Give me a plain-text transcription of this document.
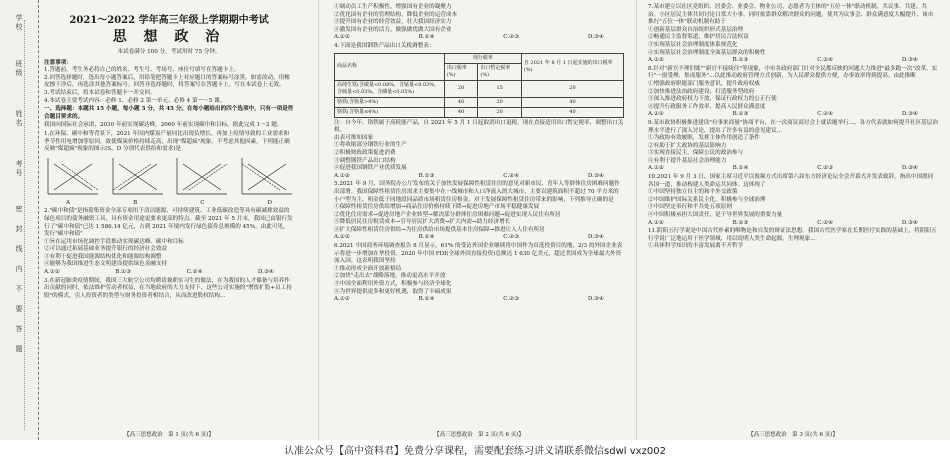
学校
班级
姓名
考号
密
封
线
内
不
要
答
题
2021～2022 学年高三年级上学期期中考试
思 想 政 治
本试卷满分 100 分，考试用时 75 分钟。

注意事项：

1.答题前，考生务必将自己的姓名、考生号、考场号、座位号填写在答题卡上。

2.回答选择题时，选出每小题答案后，用铅笔把答题卡上对应题目的答案标号涂黑。如需改动，用橡皮擦干净后，再选涂其他答案标号。回答非选择题时，将答案写在答题卡上。写在本试卷上无效。

3.考试结束后，将本试卷和答题卡一并交回。

4.本试卷主要考试内容：必修 1、必修 2 第一单元、必修 4 第一～5 课。

一、选择题：本题共 15 小题，每小题 3 分，共 45 分。在每小题给出的四个选项中，只有一项是符合题目要求的。

我国向国际社会承诺，2030 年前实现碳达峰，2060 年前实现碳中和目标。据此完成 1～2 题。

1.在环保、碳中和等背景下，2021 年国内煤炭产量同比出现负增长，再加上疫情导致的工业需求和季节性用电增加等原因，致使煤炭价格持续走高，出现"煤超疯"现象。不考虑其他因素，下列能正确反映"煤超疯"现象的图示(S、D 分别代表供给和需求)是

A	B	C	D

2."碳中和债"是指募集资金全部专项用于清洁能源、可持续建筑、工业低碳改造等具有碳减排效益的绿色项目的债务融资工具，具有资金用途更要求更高的特点。截至 2021 年 5 月末，我国已由银行发行了"碳中和债"已达 1 586.14 亿元，占到 2021 年境内发行绿色债券总规模的 45%。由此可见，发行"碳中和债"

①旨在运用市场化调控手段推动实现碳达峰、碳中和目标

②可以通过拓展基础业务提升银行的经济社会效益

③有利于促进我国能源结构优化和能源结构调整

④能够为我国推进生态文明建设提供绿色金融支持

A.①②	B.①③	C.②④	D.③④

3.在新冠肺炎疫情期间，我国三大航空公司均聘请兼职实习生的做法，在为我国的人才储备与培养作出贡献的同时，依法维护劳动者权益，在当地政府的大力支持下，这些公司实施的"增资扩股+员工持股"的模式，引人投资者的类型与财务投资者相结合，从而改进股权结构...

①调动员工生产积极性，增强国有企业的凝聚力

②优化国有企业的管理结构，降低企业的运营成本

③提升国有企业的经营效益，壮大我国经济实力

④激发国有企业的活力，做强做优做大国有企业

A.①②	B.①④	C.②③	D.③④

4.下面是我国钢铁产品出口关税调整表：

商品名称	现行税率		自 2021 年 8 月 1 日起实施的出口税率(%)
	出口税率(%)	出口暂定税率(%)	
高纯生铁(含碳量<0.08%，含锰量<0.03%，含硫量<0.03%，含磷量<0.05%)	20	15	20
铬铁(含铬量>4%)	40	20	40
铬铁(含铬量≤4%)	40	20	40

注：自今年，铬铁属于高耗能产品，自 2021 年 5 月 1 日起取消出口退税，现在直接适用出口暂定税率，调整出口关税。

由表可推知国家

①将收缩部分钢铁行业的生产

②积极财政政策促进消费

③调整钢铁产品出口结构

④促进我国钢铁产业优质发展

A.①②	B.①③	C.②④	D.③④

5.2021 年 9 月，国务院办公厅发布的关于加快发展保障性租赁住房的意见对新市民、青年人等群体住房困难问题作出部署。我国保障性租赁住房需求主要集中在一线城市和人口净流入的大城市，主要以建筑面积不超过 70 平方米的小户型为主，租金低于同地段同品质市场租赁住房租金。对于发展保障性租赁住房带来的影响，下列推导正确的是

①保障性租赁住房供给增加→商品住房价格持续下降→促进房地产市场平稳健康发展

②优化住房需求→促进房地产企业转型→解决部分群体住房困难问题→促进实现人民住有所居

③降低居民住房租赁成本→引导居民扩大消费→扩大内需→助力经济增长

④扩大保障性租赁住房供给→为住房供给市场提供基本住房保障→推进让人人住有所居

A.①②	B.①④	C.②③	D.③④

6.2021 中国商务环境调查报告 8 月显示，61% 的受访外国企业继续将中国作为首选投资目的地，2/3 的外国企业表示将进一步增加在华投资。2020 年中国 FDI(全球外国直接投资)总额达 1 630 亿美元，超过美国成为全球最大外资流入国。这表明我国坚持

①推动形成全面开放新格局

②加快"走出去"战略落地，推动更高水平开放

③中国全面利用外资方式，积极参与经济全球化

④为世界提供更多和更好机遇，取得了丰硕成果

A.①②	B.①④	C.②③	D.③④

7.某市建立以社区党组织、居委会、业委会、物业公司、志愿者为主体的"五位一体"联动机制，共议事、共建、共治。小区居民主体共同讨论日常大小事，同时依靠群众解决群众的问题，使其为议事会、群众满意度大幅提升，该市推行"五位一体"联动机制有助于

①创新基层群众自治组织形式基层治理

②畅通民主监督渠道，维护居民合法权益

③实现基层社会治理制度体系规范化

④实现基层社会治理制度全面基层群众的积极性

A.①②	B.①③	C.②④	D.③④

8.针对"新官不理旧账""新官不接续任"等现象，中市各政府部门针对全民都反映的问题大力推进"最多跑一次"改革，实行"一窗受理、集成服务"...以此推动政府管理方式创新，为人民群众提供方便，办事效率得到提高。由此推断

①增强政府职能部门服务意识，提升政府权威

②加快推进法治政府建设，打造服务型政府

③深入推进政府权力下放，保证行政权力的公正行使

④提升行政服务工作效率，提高人民群众满意度

A.①②	B.①③	C.②④	D.③④

9.某市政协积极推进建设"有事来商量"协商平台，在一次商议商讨会上就话题举行...，各方代表就如何提升社区基层治理水平进行了深入讨论，提出了许多有益的意见建议...

①为政协有效履职，发挥主体作用创造了条件

②有助于扩大政协的基层影响力

③实现直接民主，保障公民的政治参与

④有利于提升基层社会治理能力

A.①②	B.①④	C.②③	D.③④

10.2021 年 9 月 3 日，国家主席习近平以视频方式出席第六届东方经济论坛全会开幕式并发表致辞，指出中国愿同各国一道，推动构建人类命运共同体。这体现了

①中国坚持独立自主的和平外交政策

②中国维护国际关系民主化，积极参与全球治理

③中国坚定奉行和平共处五项原则

④中国积极承担大国责任，是于导世界发展的重要力量

A.①②	B.①③	C.②④	D.③④

11.阴阳五行学说是中国古代朴素的唯物论和自发的辩证法思想。我国古代医学家在长期医疗实践的基础上，将阴阳五行学说广泛地运用于医学领域，用以说明人类生命起源，生理现象...

①具体科学知识的丰富发展离不开哲学

【高三思想政治　第 1 页(共 6 页)】	【高三思想政治　第 2 页(共 6 页)】	【高三思想政治　第 3 页(共 6 页)】
认准公众号【高中资料君】免费分享课程，需要配套练习讲义请联系微信sdwl vxz002
